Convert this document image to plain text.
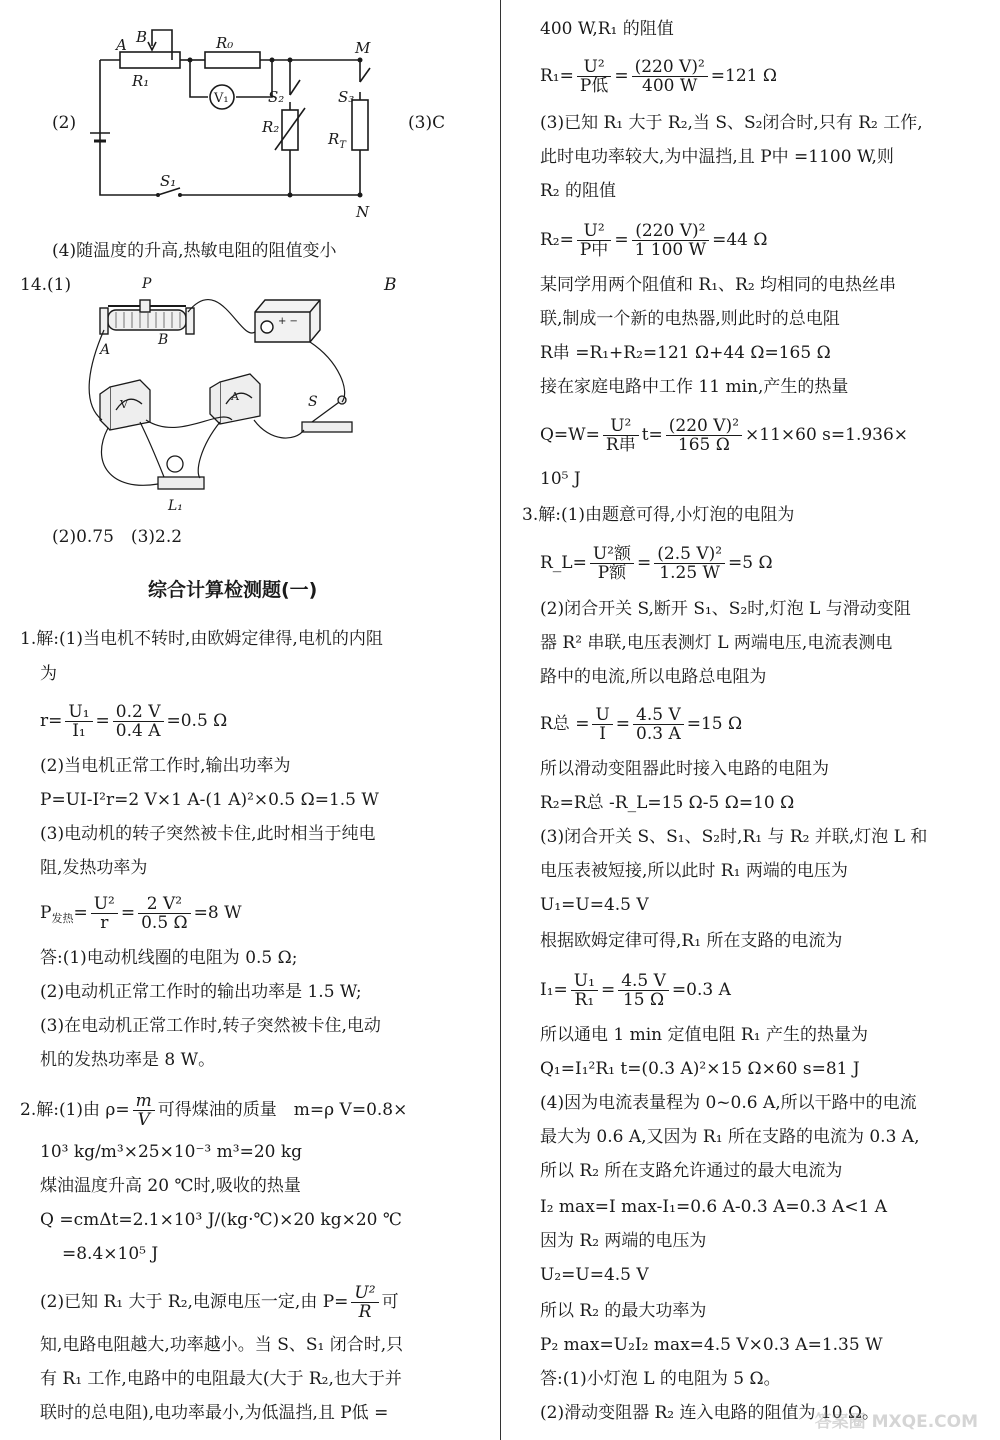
A B
R₁
R₀
V₁
M
N
S₂	S₃
R₂
$R_T$
S₁
(2)	(3)C
(4)随温度的升高,热敏电阻的阻值变小
14.(1)	B
+ −
P
A
B
S
L₁
V
A
(2)0.75　(3)2.2
综合计算检测题(一)
1.解:(1)当电机不转时,由欧姆定律得,电机的内阻
为
$r= \frac{\text{U₁}}{\text{I₁}} = \frac{0.2 V}{0.4 A} =0.5$ Ω
(2)当电机正常工作时,输出功率为
P=UI-I²r=2 V×1 A-(1 A)²×0.5 Ω=1.5 W
(3)电动机的转子突然被卡住,此时相当于纯电
阻,发热功率为
$P_{发热}= \frac{\text{U²}}{r} = \frac{\text{2 V²}}{0.5 \Omega} =8$ W
答:(1)电动机线圈的电阻为 0.5 Ω;
(2)电动机正常工作时的输出功率是 1.5 W;
(3)在电动机正常工作时,转子突然被卡住,电动
机的发热功率是 8 W。
2.解:(1)由 $\rho= \frac{m}{V}$ 可得煤油的质量　m=ρ V=0.8×
10³ kg/m³×25×10⁻³ m³=20 kg
煤油温度升高 20 ℃时,吸收的热量
Q =cmΔt=2.1×10³ J/(kg·℃)×20 kg×20 ℃
=8.4×10⁵ J
(2)已知 R₁ 大于 R₂,电源电压一定,由 $P= \frac{\text{U²}}{R}$ 可
知,电路电阻越大,功率越小。当 S、S₁ 闭合时,只
有 R₁ 工作,电路中的电阻最大(大于 R₂,也大于并
联时的总电阻),电功率最小,为低温挡,且 P低 =
400 W,R₁ 的阻值
$R_1= \frac{\text{U²}}{\text{P低}} = \frac{\text{(220 V)²}}{400 W} =121$ Ω
(3)已知 R₁ 大于 R₂,当 S、S₂闭合时,只有 R₂ 工作,
此时电功率较大,为中温挡,且 P中 =1100 W,则
R₂ 的阻值
$R_2= \frac{\text{U²}}{\text{P中}} = \frac{\text{(220 V)²}}{1 100 W} =44$ Ω
某同学用两个阻值和 R₁、R₂ 均相同的电热丝串
联,制成一个新的电热器,则此时的总电阻
R串 =R₁+R₂=121 Ω+44 Ω=165 Ω
接在家庭电路中工作 11 min,产生的热量
$Q=W= \frac{\text{U²}}{\text{R串}} t= \frac{\text{(220 V)²}}{165 \Omega} \times 11\times 60$ s=1.936×
10⁵ J
3.解:(1)由题意可得,小灯泡的电阻为
R_L= $\frac{\text{U²额}}{\text{P额}} = \frac{\text{(2.5 V)²}}{1.25 W} =5$ Ω
(2)闭合开关 S,断开 S₁、S₂时,灯泡 L 与滑动变阻
器 R² 串联,电压表测灯 L 两端电压,电流表测电
路中的电流,所以电路总电阻为
R总 = $\frac{U}{I} = \frac{4.5 V}{0.3 A} =15$ Ω
所以滑动变阻器此时接入电路的电阻为
R₂=R总 -R_L=15 Ω-5 Ω=10 Ω
(3)闭合开关 S、S₁、S₂时,R₁ 与 R₂ 并联,灯泡 L 和
电压表被短接,所以此时 R₁ 两端的电压为
U₁=U=4.5 V
根据欧姆定律可得,R₁ 所在支路的电流为
$I_1= \frac{\text{U₁}}{\text{R₁}} = \frac{4.5 V}{15 \Omega} =0.3$ A
所以通电 1 min 定值电阻 R₁ 产生的热量为
Q₁=I₁²R₁ t=(0.3 A)²×15 Ω×60 s=81 J
(4)因为电流表量程为 0~0.6 A,所以干路中的电流
最大为 0.6 A,又因为 R₁ 所在支路的电流为 0.3 A,
所以 R₂ 所在支路允许通过的最大电流为
I₂ max=I max-I₁=0.6 A-0.3 A=0.3 A<1 A
因为 R₂ 两端的电压为
U₂=U=4.5 V
所以 R₂ 的最大功率为
P₂ max=U₂I₂ max=4.5 V×0.3 A=1.35 W
答:(1)小灯泡 L 的电阻为 5 Ω。
(2)滑动变阻器 R₂ 连入电路的阻值为 10 Ω。
答案圈 MXQE.COM
